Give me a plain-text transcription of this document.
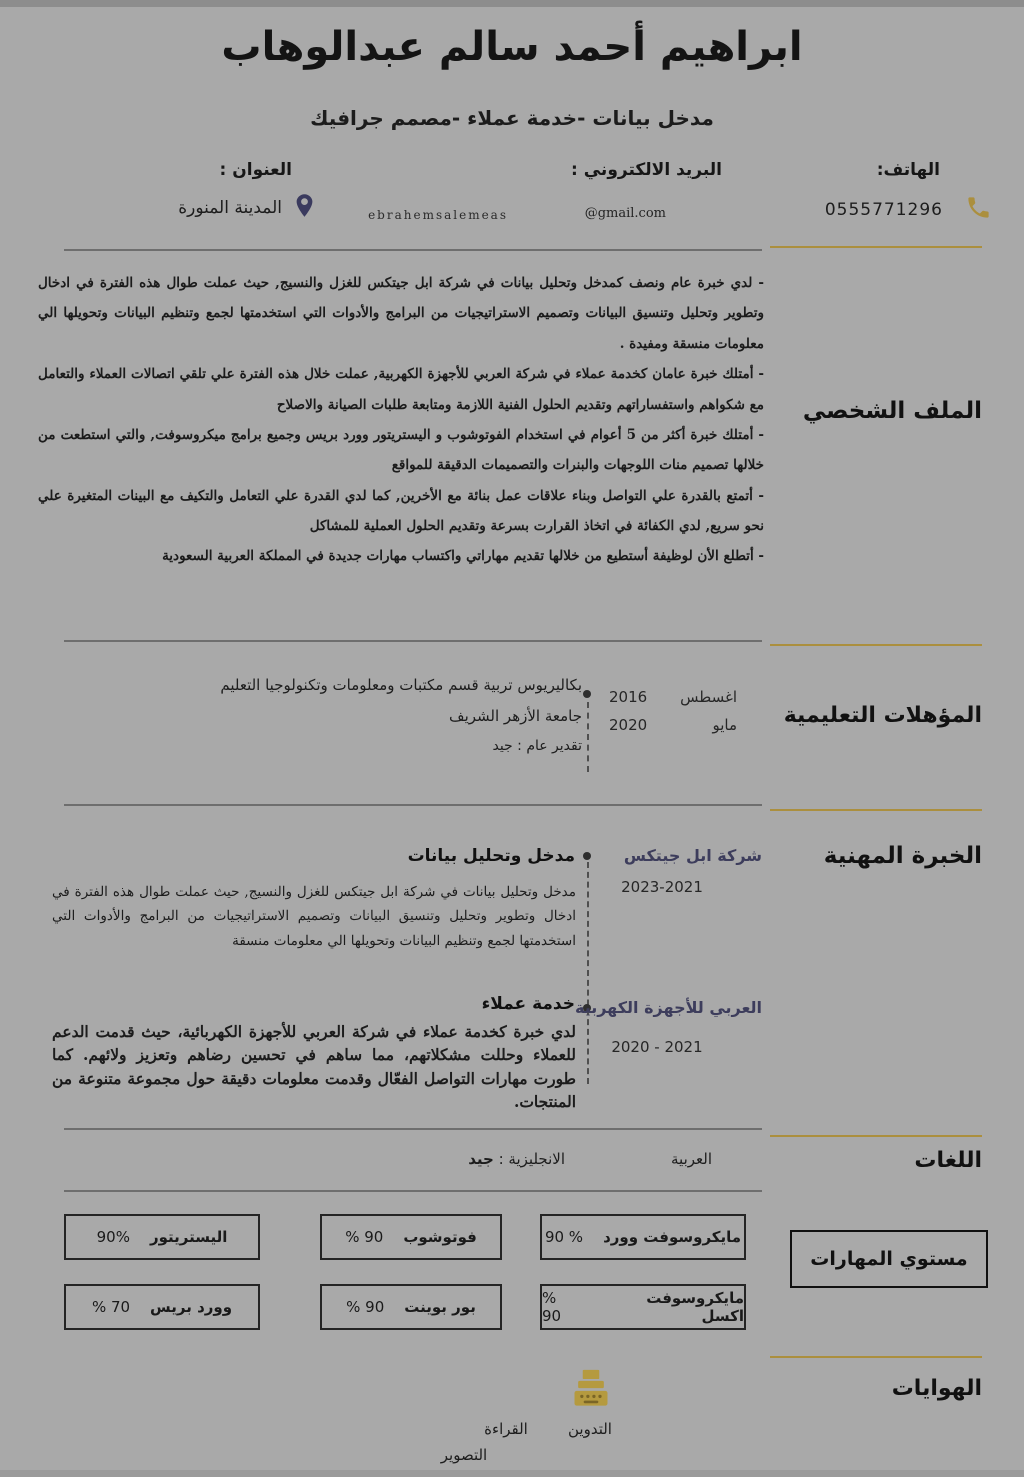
ابراهيم أحمد سالم عبدالوهاب
مدخل بيانات -خدمة عملاء -مصمم جرافيك
الهاتف:
0555771296
البريد الالكتروني :
@gmail.com
ebrahemsalemeas
العنوان :
المدينة المنورة
الملف الشخصي

- لدي خبرة عام ونصف كمدخل وتحليل بيانات في شركة ابل جيتكس للغزل والنسيج, حيث عملت طوال هذه الفترة في ادخال وتطوير وتحليل وتنسيق البيانات وتصميم الاستراتيجيات من البرامج والأدوات التي استخدمتها لجمع وتنظيم البيانات وتحويلها الي معلومات منسقة ومفيدة .

- أمتلك خبرة عامان كخدمة عملاء في شركة العربي للأجهزة الكهربية, عملت خلال هذه الفترة علي تلقي اتصالات العملاء والتعامل مع شكواهم واستفساراتهم وتقديم الحلول الفنية اللازمة ومتابعة طلبات الصيانة والاصلاح

- أمتلك خبرة أكثر من 5 أعوام في استخدام الفوتوشوب و اليستريتور وورد بريس وجميع برامج ميكروسوفت, والتي استطعت من خلالها تصميم منات اللوجهات والبنرات والتصميمات الدقيقة للمواقع

- أتمتع بالقدرة علي التواصل وبناء علاقات عمل بنائة مع الأخرين, كما لدي القدرة علي التعامل والتكيف مع البينات المتغيرة علي نحو سريع, لدي الكفائة في اتخاذ القرارت بسرعة وتقديم الحلول العملية للمشاكل

- أتطلع الأن لوظيفة أستطيع من خلالها تقديم مهاراتي واكتساب مهارات جديدة في المملكة العربية السعودية

المؤهلات التعليمية
اغسطس
2016
مايو
2020

بكاليريوس تربية قسم مكتبات ومعلومات وتكنولوجيا التعليم

جامعة الأزهر الشريف

تقدير عام : جيد

الخبرة المهنية
شركة ابل جيتكس
2023-2021
مدخل وتحليل بيانات
مدخل وتحليل بيانات في شركة ابل جيتكس للغزل والنسيج, حيث عملت طوال هذه الفترة في ادخال وتطوير وتحليل وتنسيق البيانات وتصميم الاستراتيجيات من البرامج والأدوات التي استخدمتها لجمع وتنظيم البيانات وتحويلها الي معلومات منسقة
العربي للأجهزة الكهربية
2020 - 2021
خدمة عملاء
لدي خبرة كخدمة عملاء في شركة العربي للأجهزة الكهربائية، حيث قدمت الدعم للعملاء وحللت مشكلاتهم، مما ساهم في تحسين رضاهم وتعزيز ولائهم. كما طورت مهارات التواصل الفعّال وقدمت معلومات دقيقة حول مجموعة متنوعة من المنتجات.
اللغات
العربية
الانجليزية : جيد
مستوي المهارات
مايكروسوفت وورد
90 %
فوتوشوب
% 90
اليستريتور
90%
مايكروسوفت اكسل
% 90
بور بوينت
% 90
وورد بريس
% 70
الهوايات
القراءة	التدوين
التصوير
